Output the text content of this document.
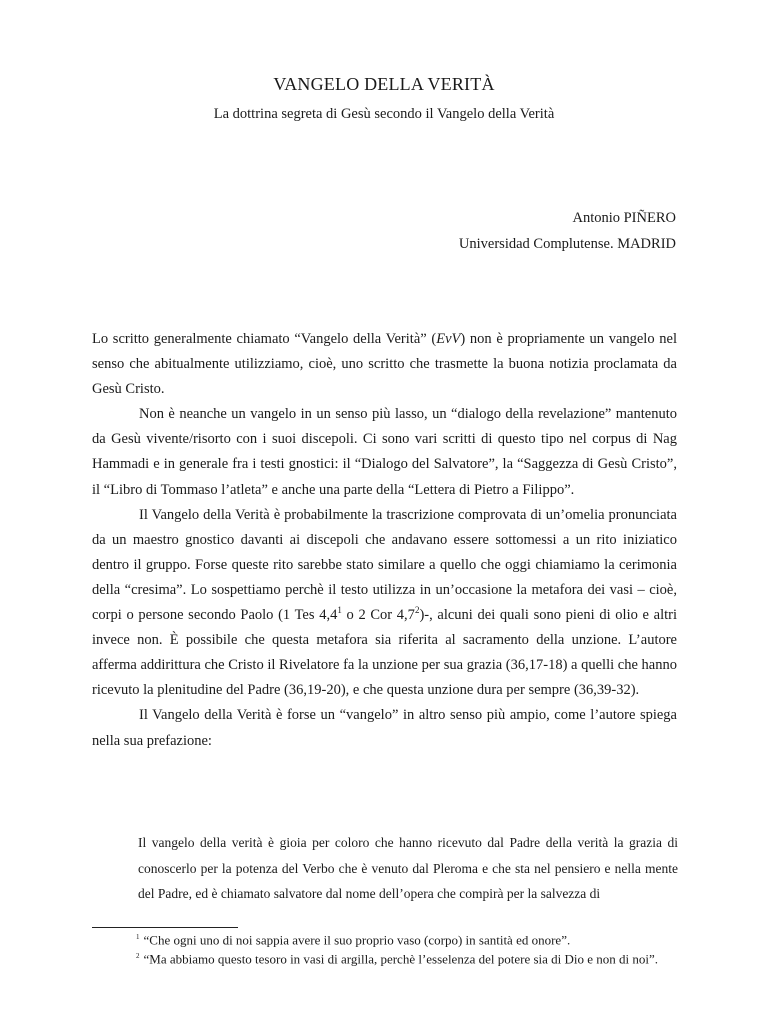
VANGELO DELLA VERITÀ
La dottrina segreta di Gesù secondo il Vangelo della Verità
Antonio PIÑERO
Universidad Complutense. MADRID

Lo scritto generalmente chiamato “Vangelo della Verità” (EvV) non è propriamente un vangelo nel senso che abitualmente utilizziamo, cioè, uno scritto che trasmette la buona notizia proclamata da Gesù Cristo.

Non è neanche un vangelo in un senso più lasso, un “dialogo della revelazione” mantenuto da Gesù vivente/risorto con i suoi discepoli. Ci sono vari scritti di questo tipo nel corpus di Nag Hammadi e in generale fra i testi gnostici: il “Dialogo del Salvatore”, la “Saggezza di Gesù Cristo”, il “Libro di Tommaso l’atleta” e anche una parte della “Lettera di Pietro a Filippo”.

Il Vangelo della Verità è probabilmente la trascrizione comprovata di un’omelia pronunciata da un maestro gnostico davanti ai discepoli che andavano essere sottomessi a un rito iniziatico dentro il gruppo. Forse queste rito sarebbe stato similare a quello che oggi chiamiamo la cerimonia della “cresima”. Lo sospettiamo perchè il testo utilizza in un’occasione la metafora dei vasi – cioè, corpi o persone secondo Paolo (1 Tes $4,4^1$ o 2 Cor $4,7^2)-$, alcuni dei quali sono pieni di olio e altri invece non. È possibile che questa metafora sia riferita al sacramento della unzione. L’autore afferma addirittura che Cristo il Rivelatore fa la unzione per sua grazia (36,17-18) a quelli che hanno ricevuto la plenitudine del Padre (36,19-20), e che questa unzione dura per sempre (36,39-32).

Il Vangelo della Verità è forse un “vangelo” in altro senso più ampio, come l’autore spiega nella sua prefazione:

Il vangelo della verità è gioia per coloro che hanno ricevuto dal Padre della verità la grazia di conoscerlo per la potenza del Verbo che è venuto dal Pleroma e che sta nel pensiero e nella mente del Padre, ed è chiamato salvatore dal nome dell’opera che compirà per la salvezza di

$^1$ “Che ogni uno di noi sappia avere il suo proprio vaso (corpo) in santità ed onore”.

$^2$ “Ma abbiamo questo tesoro in vasi di argilla, perchè l’esselenza del potere sia di Dio e non di noi”.
